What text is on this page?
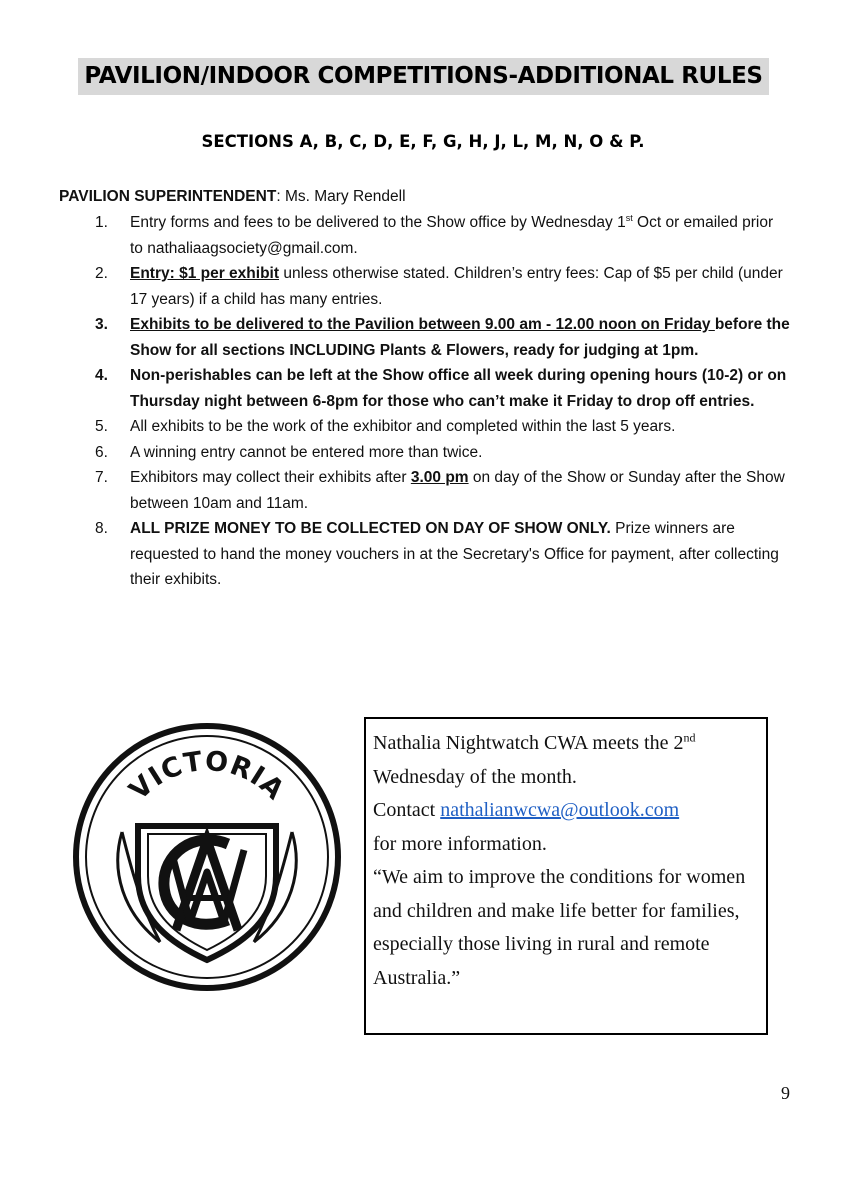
PAVILION/INDOOR COMPETITIONS-ADDITIONAL RULES
SECTIONS A, B, C, D, E, F, G, H, J, L, M, N, O & P.

PAVILION SUPERINTENDENT: Ms. Mary Rendell

1. Entry forms and fees to be delivered to the Show office by Wednesday 1st Oct or emailed prior to nathaliaagsociety@gmail.com.
2. Entry: $1 per exhibit unless otherwise stated. Children’s entry fees: Cap of $5 per child (under 17 years) if a child has many entries.
3. Exhibits to be delivered to the Pavilion between 9.00 am - 12.00 noon on Friday before the Show for all sections INCLUDING Plants & Flowers, ready for judging at 1pm.
4. Non-perishables can be left at the Show office all week during opening hours (10-2) or on Thursday night between 6-8pm for those who can’t make it Friday to drop off entries.
5. All exhibits to be the work of the exhibitor and completed within the last 5 years.
6. A winning entry cannot be entered more than twice.
7. Exhibitors may collect their exhibits after 3.00 pm on day of the Show or Sunday after the Show between 10am and 11am.
8. ALL PRIZE MONEY TO BE COLLECTED ON DAY OF SHOW ONLY. Prize winners are requested to hand the money vouchers in at the Secretary's Office for payment, after collecting their exhibits.
VICTORIA

Nathalia Nightwatch CWA meets the 2nd

Wednesday of the month.

Contact nathalianwcwa@outlook.com

for more information.

“We aim to improve the conditions for women and children and make life better for families, especially those living in rural and remote Australia.”

9
